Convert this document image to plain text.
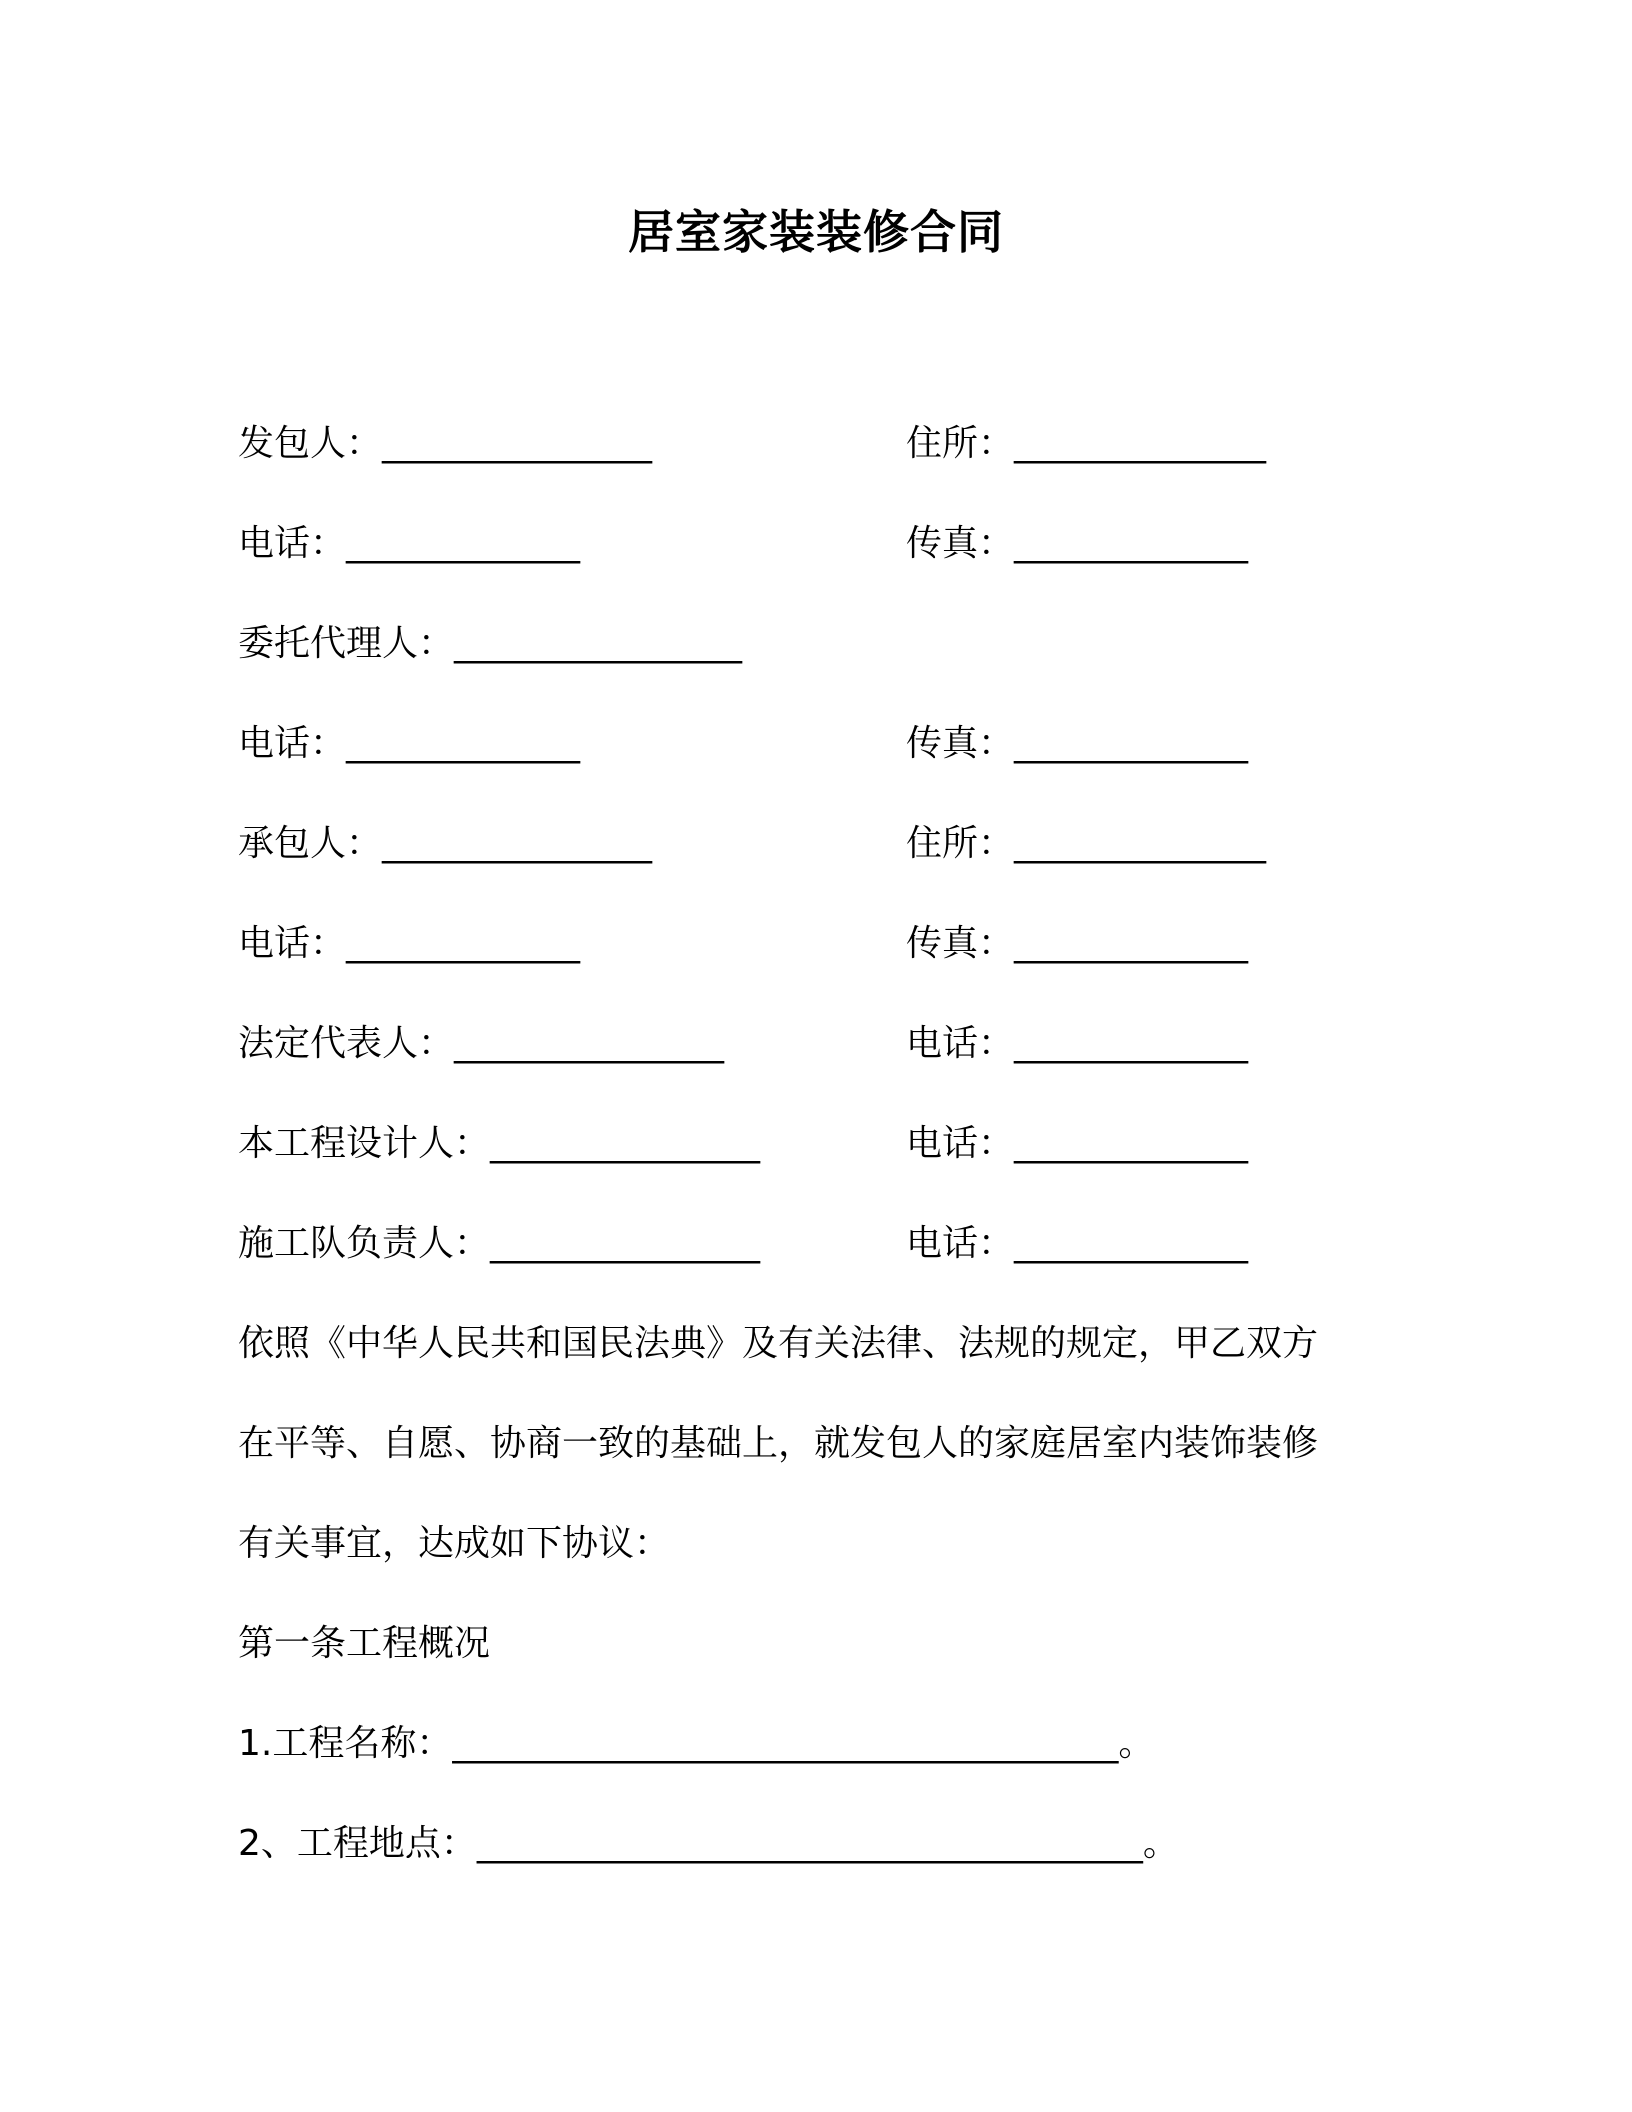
居室家装装修合同
发包人：_______________	住所：______________
电话：_____________	传真：_____________
委托代理人：________________
电话：_____________	传真：_____________
承包人：_______________	住所：______________
电话：_____________	传真：_____________
法定代表人：_______________	电话：_____________
本工程设计人：_______________	电话：_____________
施工队负责人：_______________	电话：_____________
依照《中华人民共和国民法典》及有关法律、法规的规定，甲乙双方
在平等、自愿、协商一致的基础上，就发包人的家庭居室内装饰装修
有关事宜，达成如下协议：
第一条工程概况
1.工程名称：_____________________________________。
2、工程地点：_____________________________________。
